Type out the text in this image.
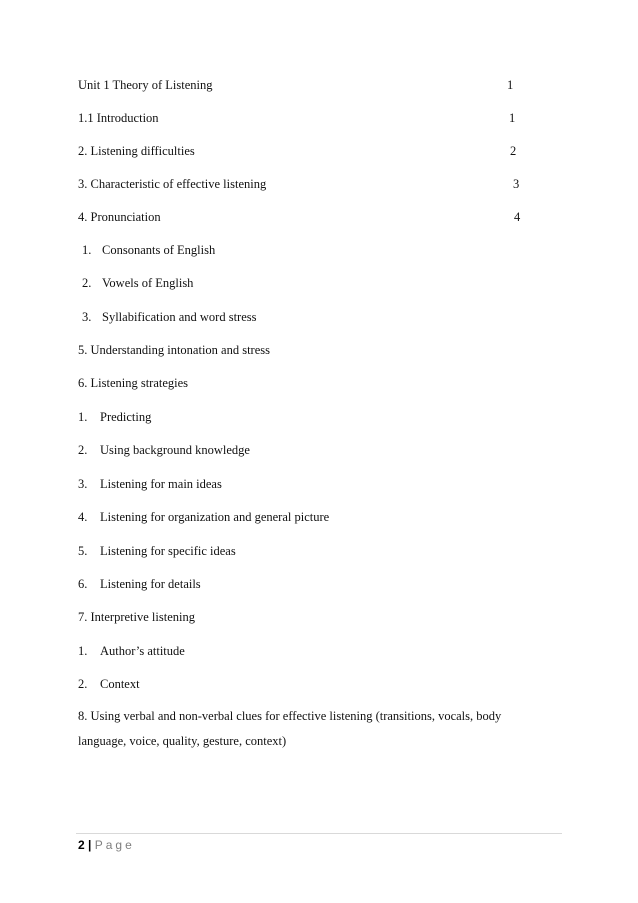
Unit 1 Theory of Listening	1
1.1 Introduction	1
2. Listening difficulties	2
3. Characteristic of effective listening	3
4. Pronunciation	4
1. Consonants of English
2. Vowels of English
3. Syllabification and word stress
5. Understanding intonation and stress
6. Listening strategies
1. Predicting
2. Using background knowledge
3. Listening for main ideas
4. Listening for organization and general picture
5. Listening for specific ideas
6. Listening for details
7. Interpretive listening
1. Author’s attitude
2. Context
8. Using verbal and non-verbal clues for effective listening (transitions, vocals, body language, voice, quality, gesture, context)
2 | Page
